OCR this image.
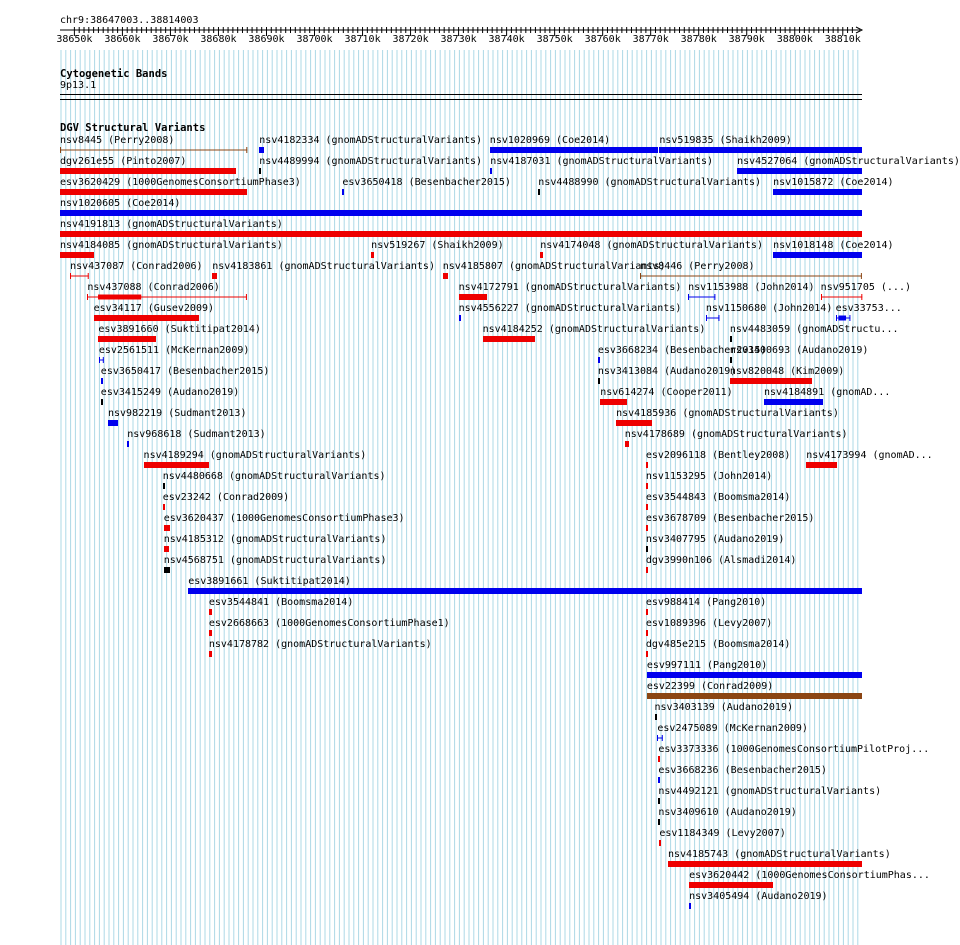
chr9:38647003..38814003
38650k	38660k	38670k	38680k	38690k	38700k	38710k	38720k	38730k	38740k	38750k	38760k	38770k	38780k	38790k	38800k	38810k
Cytogenetic Bands
9p13.1
DGV Structural Variants
nsv8445 (Perry2008)	nsv4182334 (gnomADStructuralVariants) nsv1020969 (Coe2014)	nsv519835 (Shaikh2009)
dgv261e55 (Pinto2007)	nsv4489994 (gnomADStructuralVariants) nsv4187031 (gnomADStructuralVariants) nsv4527064 (gnomADStructuralVariants)
esv3620429 (1000GenomesConsortiumPhase3)	esv3650418 (Besenbacher2015)	nsv4488990 (gnomADStructuralVariants) nsv1015872 (Coe2014)
nsv1020605 (Coe2014)
nsv4191813 (gnomADStructuralVariants)
nsv4184085 (gnomADStructuralVariants)	nsv519267 (Shaikh2009)	nsv4174048 (gnomADStructuralVariants) nsv1018148 (Coe2014)
nsv437087 (Conrad2006) nsv4183861 (gnomADStructuralVariants) nsv4185807 (gnomADStructuralVariants)
nsv8446 (Perry2008)
nsv437088 (Conrad2006)	nsv4172791 (gnomADStructuralVariants) nsv1153988 (John2014) nsv951705 (...)
esv34117 (Gusev2009)	nsv4556227 (gnomADStructuralVariants) nsv1150680 (John2014) esv33753...
esv3891660 (Suktitipat2014)	nsv4184252 (gnomADStructuralVariants) nsv4483059 (gnomADStructu...
esv2561511 (McKernan2009)	esv3668234 (Besenbacher2015)
nsv3400693 (Audano2019)
esv3650417 (Besenbacher2015)	nsv3413084 (Audano2019)
nsv820048 (Kim2009)
esv3415249 (Audano2019)	nsv614274 (Cooper2011)	nsv4184891 (gnomAD...
nsv982219 (Sudmant2013)	nsv4185936 (gnomADStructuralVariants)
nsv968618 (Sudmant2013)	nsv4178689 (gnomADStructuralVariants)
nsv4189294 (gnomADStructuralVariants)	esv2096118 (Bentley2008) nsv4173994 (gnomAD...
nsv4480668 (gnomADStructuralVariants)	nsv1153295 (John2014)
esv23242 (Conrad2009)	esv3544843 (Boomsma2014)
esv3620437 (1000GenomesConsortiumPhase3)	esv3678709 (Besenbacher2015)
nsv4185312 (gnomADStructuralVariants)	nsv3407795 (Audano2019)
nsv4568751 (gnomADStructuralVariants)	dgv3990n106 (Alsmadi2014)
esv3891661 (Suktitipat2014)
esv3544841 (Boomsma2014)	esv988414 (Pang2010)
esv2668663 (1000GenomesConsortiumPhase1)	esv1089396 (Levy2007)
nsv4178782 (gnomADStructuralVariants)	dgv485e215 (Boomsma2014)
esv997111 (Pang2010)
esv22399 (Conrad2009)
nsv3403139 (Audano2019)
esv2475089 (McKernan2009)
esv3373336 (1000GenomesConsortiumPilotProj...
esv3668236 (Besenbacher2015)
nsv4492121 (gnomADStructuralVariants)
nsv3409610 (Audano2019)
esv1184349 (Levy2007)
nsv4185743 (gnomADStructuralVariants)
esv3620442 (1000GenomesConsortiumPhas...
nsv3405494 (Audano2019)
